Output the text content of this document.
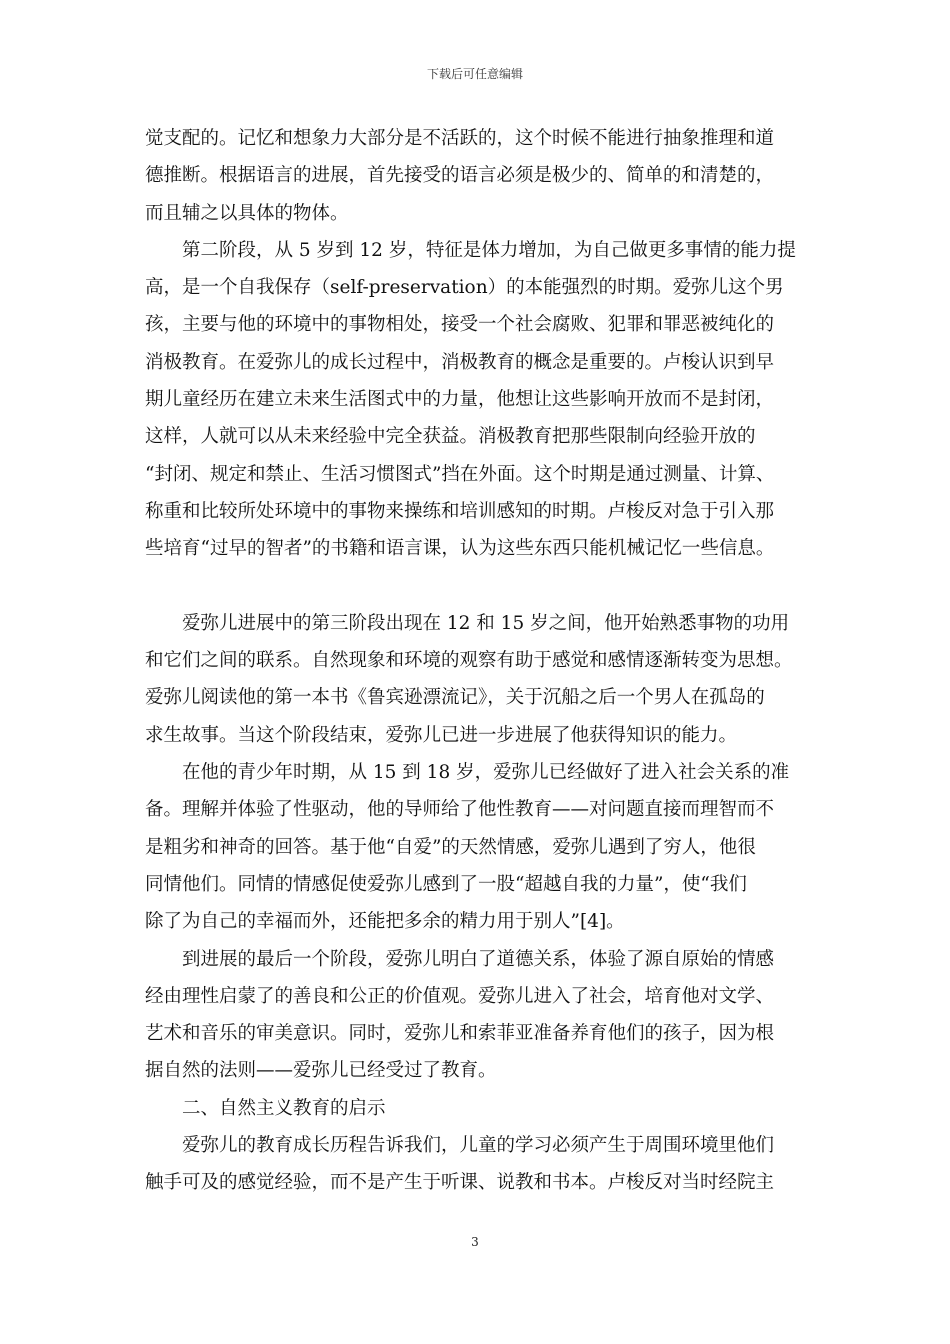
下载后可任意编辑
觉支配的。记忆和想象力大部分是不活跃的，这个时候不能进行抽象推理和道
德推断。根据语言的进展，首先接受的语言必须是极少的、简单的和清楚的，
而且辅之以具体的物体。
第二阶段，从 5 岁到 12 岁，特征是体力增加，为自己做更多事情的能力提
高，是一个自我保存（self-preservation）的本能强烈的时期。爱弥儿这个男
孩，主要与他的环境中的事物相处，接受一个社会腐败、犯罪和罪恶被纯化的
消极教育。在爱弥儿的成长过程中，消极教育的概念是重要的。卢梭认识到早
期儿童经历在建立未来生活图式中的力量，他想让这些影响开放而不是封闭，
这样，人就可以从未来经验中完全获益。消极教育把那些限制向经验开放的
“封闭、规定和禁止、生活习惯图式”挡在外面。这个时期是通过测量、计算、
称重和比较所处环境中的事物来操练和培训感知的时期。卢梭反对急于引入那
些培育“过早的智者”的书籍和语言课，认为这些东西只能机械记忆一些信息。
爱弥儿进展中的第三阶段出现在 12 和 15 岁之间，他开始熟悉事物的功用
和它们之间的联系。自然现象和环境的观察有助于感觉和感情逐渐转变为思想。
爱弥儿阅读他的第一本书《鲁宾逊漂流记》，关于沉船之后一个男人在孤岛的
求生故事。当这个阶段结束，爱弥儿已进一步进展了他获得知识的能力。
在他的青少年时期，从 15 到 18 岁，爱弥儿已经做好了进入社会关系的准
备。理解并体验了性驱动，他的导师给了他性教育——对问题直接而理智而不
是粗劣和神奇的回答。基于他“自爱”的天然情感，爱弥儿遇到了穷人，他很
同情他们。同情的情感促使爱弥儿感到了一股“超越自我的力量”，使“我们
除了为自己的幸福而外，还能把多余的精力用于别人”[4]。
到进展的最后一个阶段，爱弥儿明白了道德关系，体验了源自原始的情感
经由理性启蒙了的善良和公正的价值观。爱弥儿进入了社会，培育他对文学、
艺术和音乐的审美意识。同时，爱弥儿和索菲亚准备养育他们的孩子，因为根
据自然的法则——爱弥儿已经受过了教育。
二、自然主义教育的启示
爱弥儿的教育成长历程告诉我们，儿童的学习必须产生于周围环境里他们
触手可及的感觉经验，而不是产生于听课、说教和书本。卢梭反对当时经院主
3
